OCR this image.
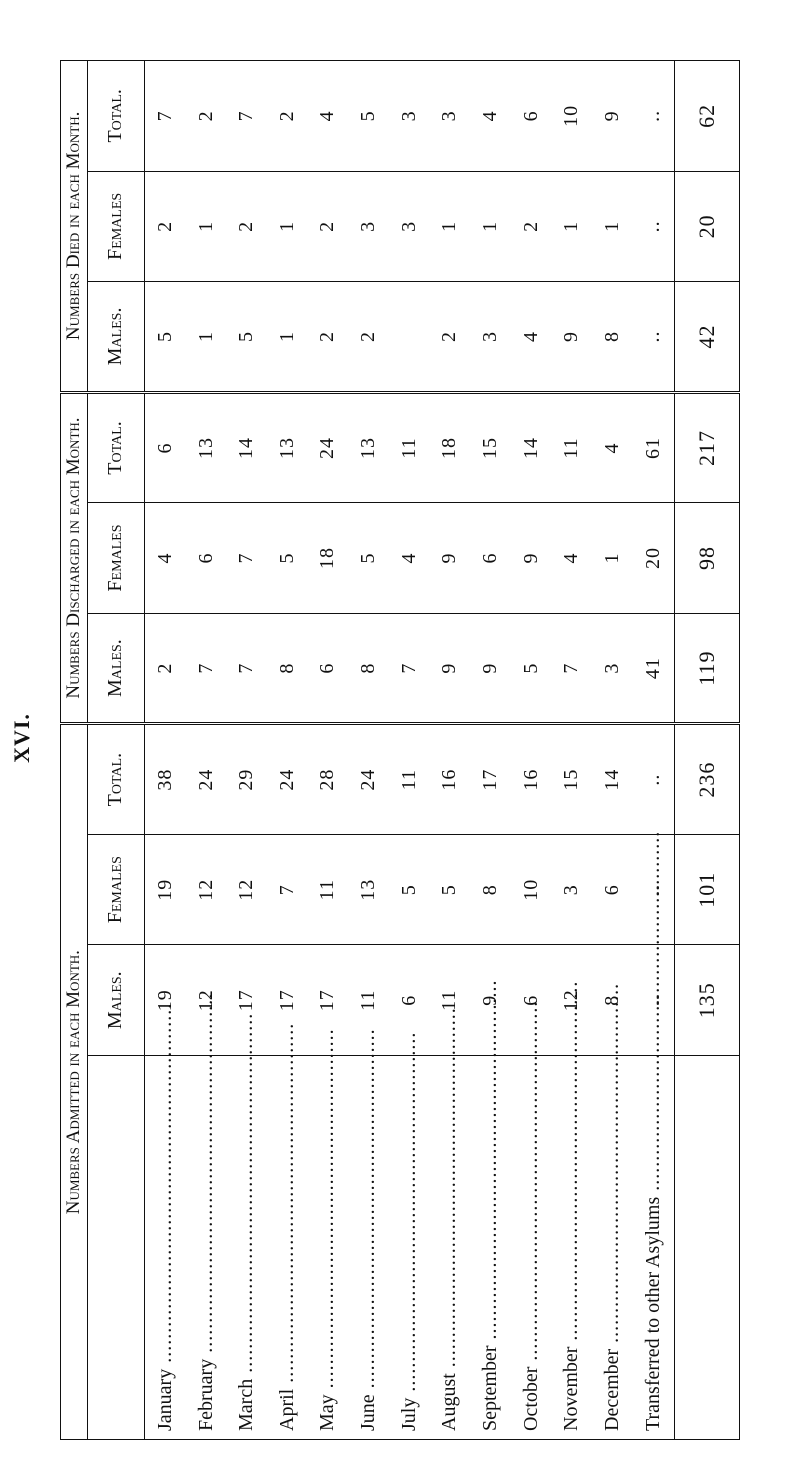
XVI.
Numbers Admitted in each Month.				Numbers Discharged in each Month.			Numbers Died in each Month.		
	Males.	Females	Total.	Males.	Females	Total.	Males.	Females	Total.
January .....	19	19	38	2	4	6	5	2	7
February .....	12	12	24	7	6	13	1	1	2
March .....	17	12	29	7	7	14	5	2	7
April .....	17	7	24	8	5	13	1	1	2
May .....	17	11	28	6	18	24	2	2	4
June .....	11	13	24	8	5	13	2	3	5
July .....	6	5	11	7	4	11		3	3
August .....	11	5	16	9	9	18	2	1	3
September .....	9	8	17	9	6	15	3	1	4
October .....	6	10	16	5	9	14	4	2	6
November .....	12	3	15	7	4	11	9	1	10
December .....	8	6	14	3	1	4	8	1	9
Transferred to other Asylums .....	..	..	..	41	20	61	..	..	..
	135	101	236	119	98	217	42	20	62
